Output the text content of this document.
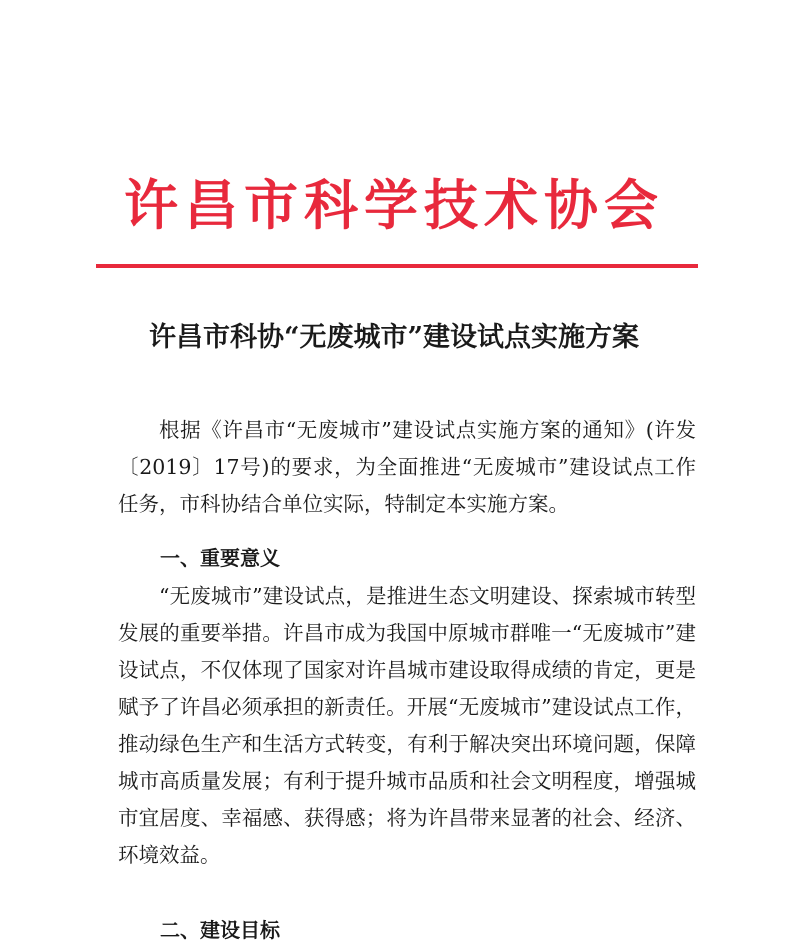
许昌市科学技术协会
许昌市科协“无废城市”建设试点实施方案

根据《许昌市“无废城市”建设试点实施方案的通知》(许发〔2019〕17号)的要求，为全面推进“无废城市”建设试点工作任务，市科协结合单位实际，特制定本实施方案。

一、重要意义

“无废城市”建设试点，是推进生态文明建设、探索城市转型发展的重要举措。许昌市成为我国中原城市群唯一“无废城市”建设试点，不仅体现了国家对许昌城市建设取得成绩的肯定，更是赋予了许昌必须承担的新责任。开展“无废城市”建设试点工作，推动绿色生产和生活方式转变，有利于解决突出环境问题，保障城市高质量发展；有利于提升城市品质和社会文明程度，增强城市宜居度、幸福感、获得感；将为许昌带来显著的社会、经济、环境效益。

二、建设目标
